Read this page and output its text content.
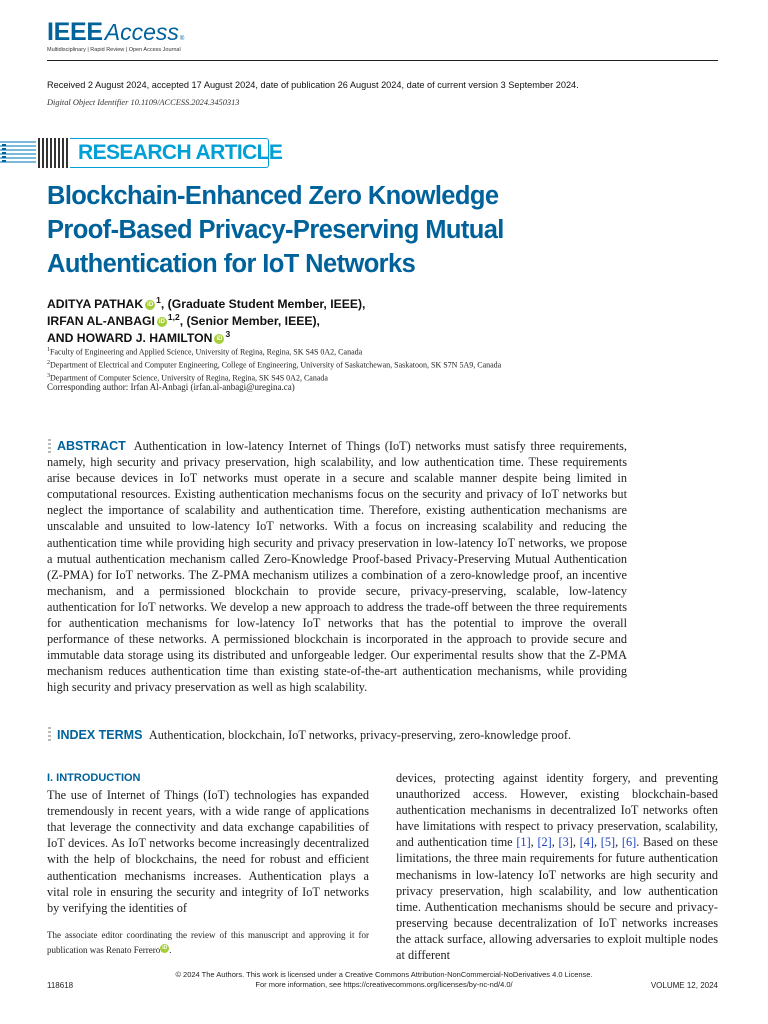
IEEE Access ®
Multidisciplinary | Rapid Review | Open Access Journal
Received 2 August 2024, accepted 17 August 2024, date of publication 26 August 2024, date of current version 3 September 2024.
Digital Object Identifier 10.1109/ACCESS.2024.3450313
RESEARCH ARTICLE
Blockchain-Enhanced Zero Knowledge
Proof-Based Privacy-Preserving Mutual
Authentication for IoT Networks
ADITYA PATHAK iD 1 , (Graduate Student Member, IEEE),
IRFAN AL-ANBAGI iD 1,2 , (Senior Member, IEEE),
AND HOWARD J. HAMILTON iD 3
$^1$Faculty of Engineering and Applied Science, University of Regina, Regina, SK S4S 0A2, Canada
$^2$Department of Electrical and Computer Engineering, College of Engineering, University of Saskatchewan, Saskatoon, SK S7N 5A9, Canada
$^3$Department of Computer Science, University of Regina, Regina, SK S4S 0A2, Canada
Corresponding author: Irfan Al-Anbagi (irfan.al-anbagi@uregina.ca)
ABSTRACT Authentication in low-latency Internet of Things (IoT) networks must satisfy three requirements, namely, high security and privacy preservation, high scalability, and low authentication time. These requirements arise because devices in IoT networks must operate in a secure and scalable manner despite being limited in computational resources. Existing authentication mechanisms focus on the security and privacy of IoT networks but neglect the importance of scalability and authentication time. Therefore, existing authentication mechanisms are unscalable and unsuited to low-latency IoT networks. With a focus on increasing scalability and reducing the authentication time while providing high security and privacy preservation in low-latency IoT networks, we propose a mutual authentication mechanism called Zero-Knowledge Proof-based Privacy-Preserving Mutual Authentication (Z-PMA) for IoT networks. The Z-PMA mechanism utilizes a combination of a zero-knowledge proof, an incentive mechanism, and a permissioned blockchain to provide secure, privacy-preserving, scalable, low-latency authentication for IoT networks. We develop a new approach to address the trade-off between the three requirements for authentication mechanisms for low-latency IoT networks that has the potential to improve the overall performance of these networks. A permissioned blockchain is incorporated in the approach to provide secure and immutable data storage using its distributed and unforgeable ledger. Our experimental results show that the Z-PMA mechanism reduces authentication time than existing state-of-the-art authentication mechanisms, while providing high security and privacy preservation as well as high scalability.
INDEX TERMS Authentication, blockchain, IoT networks, privacy-preserving, zero-knowledge proof.
I. INTRODUCTION
The use of Internet of Things (IoT) technologies has expanded tremendously in recent years, with a wide range of applications that leverage the connectivity and data exchange capabilities of IoT devices. As IoT networks become increasingly decentralized with the help of blockchains, the need for robust and efficient authentication mechanisms increases. Authentication plays a vital role in ensuring the security and integrity of IoT networks by verifying the identities of
devices, protecting against identity forgery, and preventing unauthorized access. However, existing blockchain-based authentication mechanisms in decentralized IoT networks often have limitations with respect to privacy preservation, scalability, and authentication time [1], [2], [3], [4], [5], [6]. Based on these limitations, the three main requirements for future authentication mechanisms in low-latency IoT networks are high security and privacy preservation, high scalability, and low authentication time. Authentication mechanisms should be secure and privacy-preserving because decentralization of IoT networks increases the attack surface, allowing adversaries to exploit multiple nodes at different
The associate editor coordinating the review of this manuscript and approving it for publication was Renato Ferrero iD .
© 2024 The Authors. This work is licensed under a Creative Commons Attribution-NonCommercial-NoDerivatives 4.0 License.
For more information, see https://creativecommons.org/licenses/by-nc-nd/4.0/
118618	VOLUME 12, 2024
